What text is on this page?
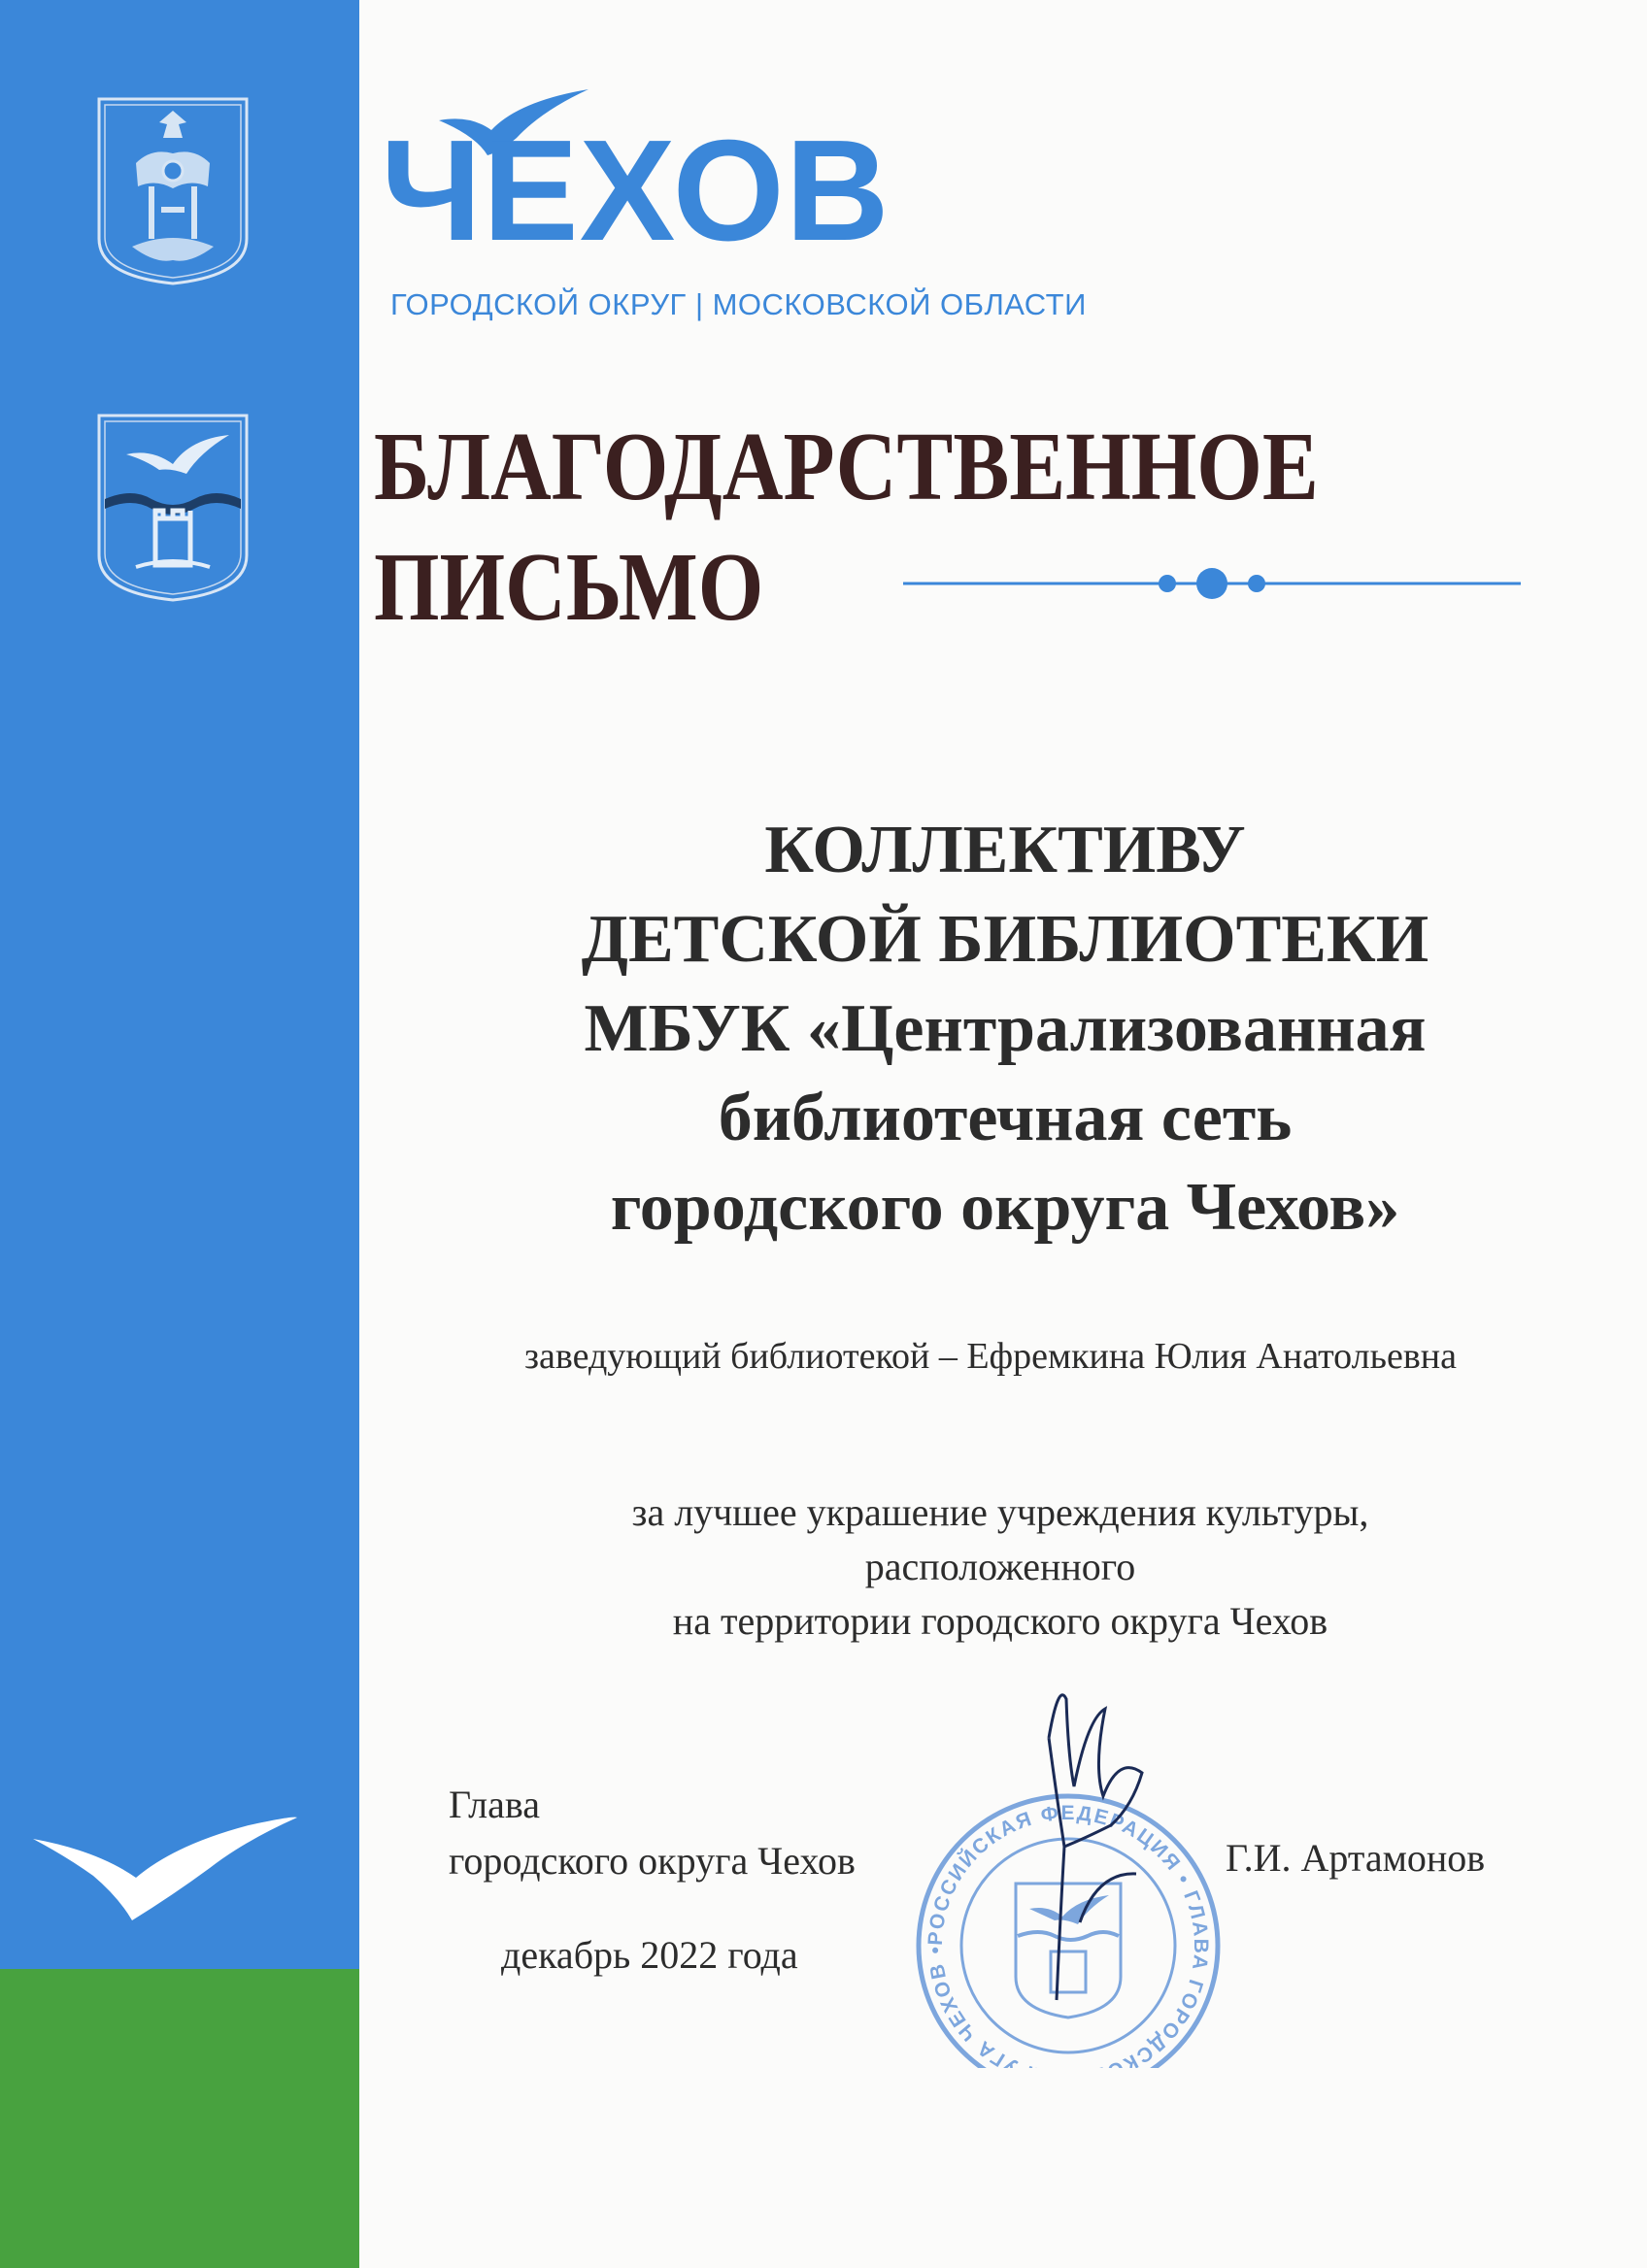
ЧЕХОВ
ГОРОДСКОЙ ОКРУГ | МОСКОВСКОЙ ОБЛАСТИ
БЛАГОДАРСТВЕННОЕ
ПИСЬМО
КОЛЛЕКТИВУ
ДЕТСКОЙ БИБЛИОТЕКИ
МБУК «Централизованная
библиотечная сеть
городского округа Чехов»
заведующий библиотекой – Ефремкина Юлия Анатольевна
за лучшее украшение учреждения культуры,
расположенного
на территории городского округа Чехов
РОССИЙСКАЯ ФЕДЕРАЦИЯ • ГЛАВА ГОРОДСК УГА ЧЕХОВ •
Глава
городского округа Чехов	Г.И. Артамонов
декабрь 2022 года
